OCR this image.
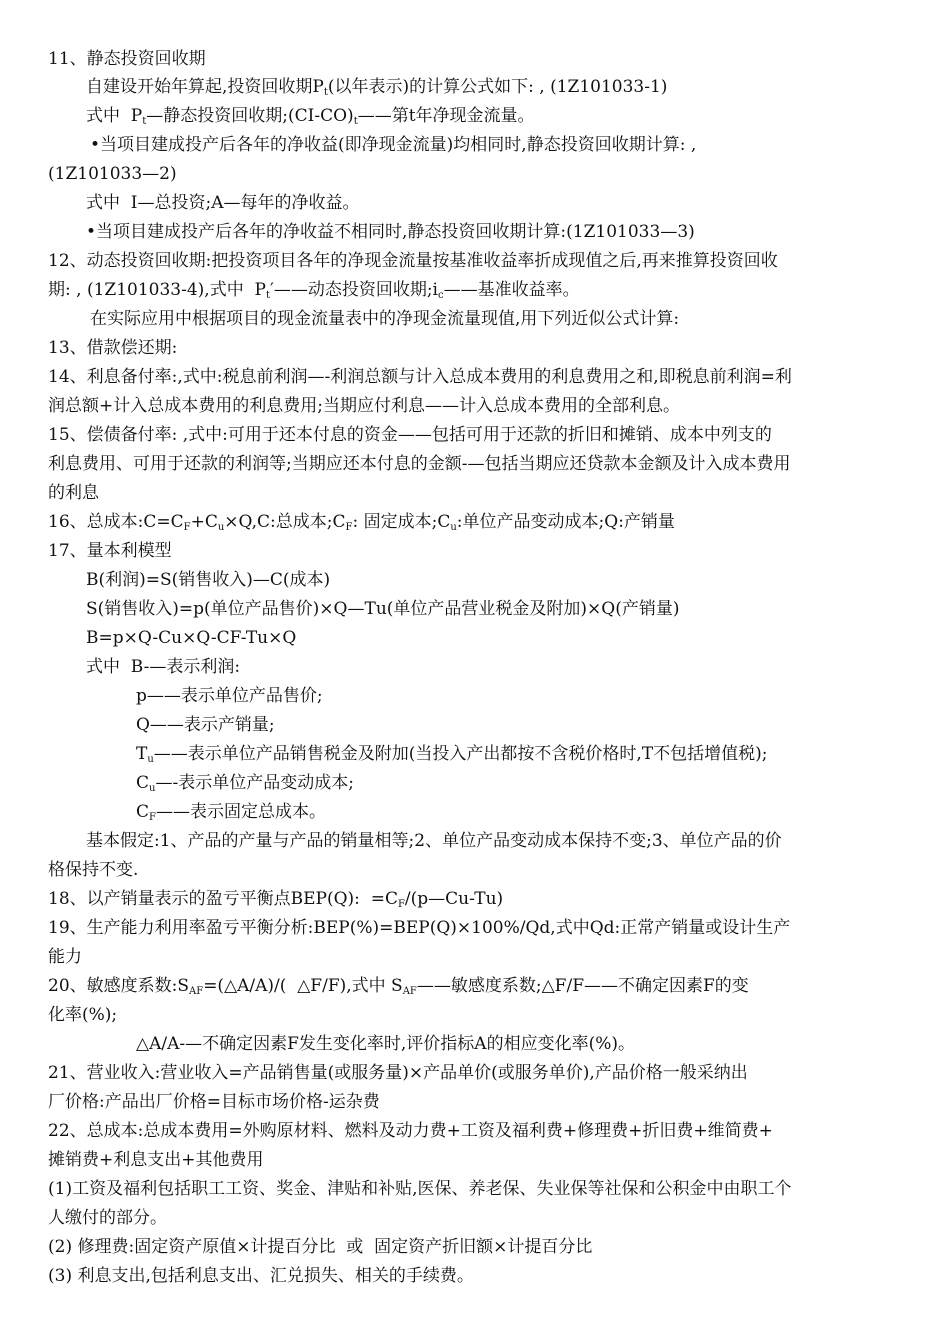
11、静态投资回收期
自建设开始年算起,投资回收期$P_t$(以年表示)的计算公式如下: , (1Z101033-1)
式中  $P_t—$静态投资回收期$;(CI-CO)_t——$第t年净现金流量。
•当项目建成投产后各年的净收益(即净现金流量)均相同时,静态投资回收期计算: ,
(1Z101033—2)
式中  I—总投资;A—每年的净收益。
•当项目建成投产后各年的净收益不相同时,静态投资回收期计算:(1Z101033—3)
12、动态投资回收期:把投资项目各年的净现金流量按基准收益率折成现值之后,再来推算投资回收
期: , (1Z101033-4),式中  $P_t'——$动态投资回收期$;i_c——$基准收益率。
在实际应用中根据项目的现金流量表中的净现金流量现值,用下列近似公式计算:
13、借款偿还期:
14、利息备付率:,式中:税息前利润—-利润总额与计入总成本费用的利息费用之和,即税息前利润=利
润总额+计入总成本费用的利息费用;当期应付利息——计入总成本费用的全部利息。
15、偿债备付率: ,式中:可用于还本付息的资金——包括可用于还款的折旧和摊销、成本中列支的
利息费用、可用于还款的利润等;当期应还本付息的金额-—包括当期应还贷款本金额及计入成本费用
的利息
16、总成本$:C=C_F+C_u\times Q,C$:总成本$;C_F$: 固定成本$;C_u$:单位产品变动成本;Q:产销量
17、量本利模型
B(利润)=S(销售收入)—C(成本)
S(销售收入)=p(单位产品售价)×Q—Tu(单位产品营业税金及附加)×Q(产销量)
B=p×Q-Cu×Q-CF-Tu×Q
式中  B-—表示利润:
p——表示单位产品售价;
Q——表示产销量;
$T_u——$表示单位产品销售税金及附加(当投入产出都按不含税价格时,T不包括增值税);
$C_u—-$表示单位产品变动成本;
$C_F——$表示固定总成本。
基本假定:1、产品的产量与产品的销量相等;2、单位产品变动成本保持不变;3、单位产品的价
格保持不变.
18、以产销量表示的盈亏平衡点BEP(Q):  $=C_F/(p—Cu-Tu)$
19、生产能力利用率盈亏平衡分析:BEP(%)=BEP(Q)×100%/Qd,式中Qd:正常产销量或设计生产
能力
20、敏感度系数$:S_{AF}=(\triangle A/A)/$(  △F/F),式中 $S_{AF}——$敏感度系数;△F/F——不确定因素F的变
化率(%);
△A/A-—不确定因素F发生变化率时,评价指标A的相应变化率(%)。
21、营业收入:营业收入=产品销售量(或服务量)×产品单价(或服务单价),产品价格一般采纳出
厂价格:产品出厂价格=目标市场价格-运杂费
22、总成本:总成本费用=外购原材料、燃料及动力费+工资及福利费+修理费+折旧费+维简费+
摊销费+利息支出+其他费用
(1)工资及福利包括职工工资、奖金、津贴和补贴,医保、养老保、失业保等社保和公积金中由职工个
人缴付的部分。
(2) 修理费:固定资产原值×计提百分比  或  固定资产折旧额×计提百分比
(3) 利息支出,包括利息支出、汇兑损失、相关的手续费。
